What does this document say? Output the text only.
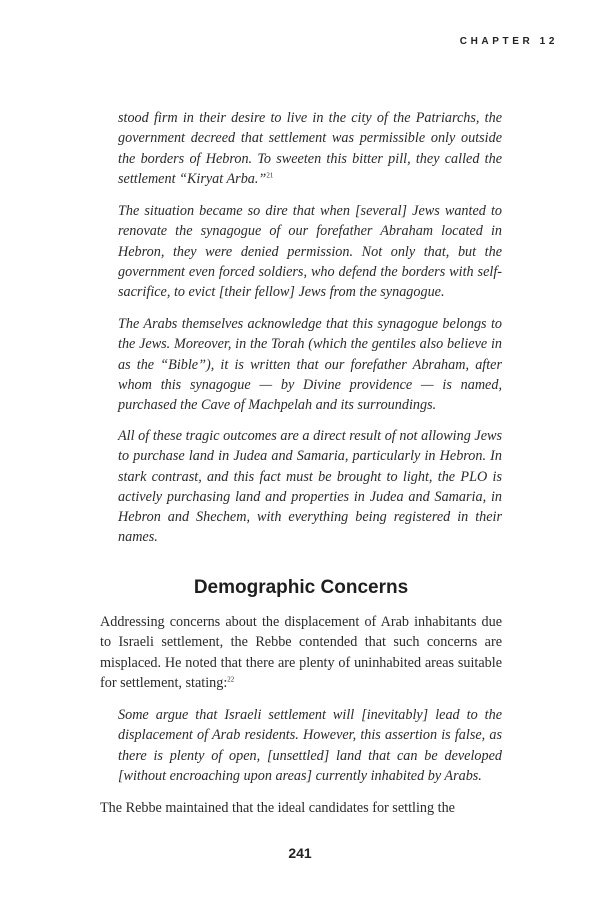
CHAPTER 12

stood firm in their desire to live in the city of the Patriarchs, the government decreed that settlement was permissible only outside the borders of Hebron. To sweeten this bitter pill, they called the settlement “Kiryat Arba.”$^{21}$

The situation became so dire that when [several] Jews wanted to renovate the synagogue of our forefather Abraham located in Hebron, they were denied permission. Not only that, but the government even forced soldiers, who defend the borders with self-sacrifice, to evict [their fellow] Jews from the synagogue.

The Arabs themselves acknowledge that this synagogue belongs to the Jews. Moreover, in the Torah (which the gentiles also believe in as the “Bible”), it is written that our forefather Abraham, after whom this synagogue — by Divine providence — is named, purchased the Cave of Machpelah and its surroundings.

All of these tragic outcomes are a direct result of not allowing Jews to purchase land in Judea and Samaria, particularly in Hebron. In stark contrast, and this fact must be brought to light, the PLO is actively purchasing land and properties in Judea and Samaria, in Hebron and Shechem, with everything being registered in their names.

Demographic Concerns

Addressing concerns about the displacement of Arab inhabitants due to Israeli settlement, the Rebbe contended that such concerns are misplaced. He noted that there are plenty of uninhabited areas suitable for settlement, stating:$^{22}$

Some argue that Israeli settlement will [inevitably] lead to the displacement of Arab residents. However, this assertion is false, as there is plenty of open, [unsettled] land that can be developed [without encroaching upon areas] currently inhabited by Arabs.

The Rebbe maintained that the ideal candidates for settling the

241
